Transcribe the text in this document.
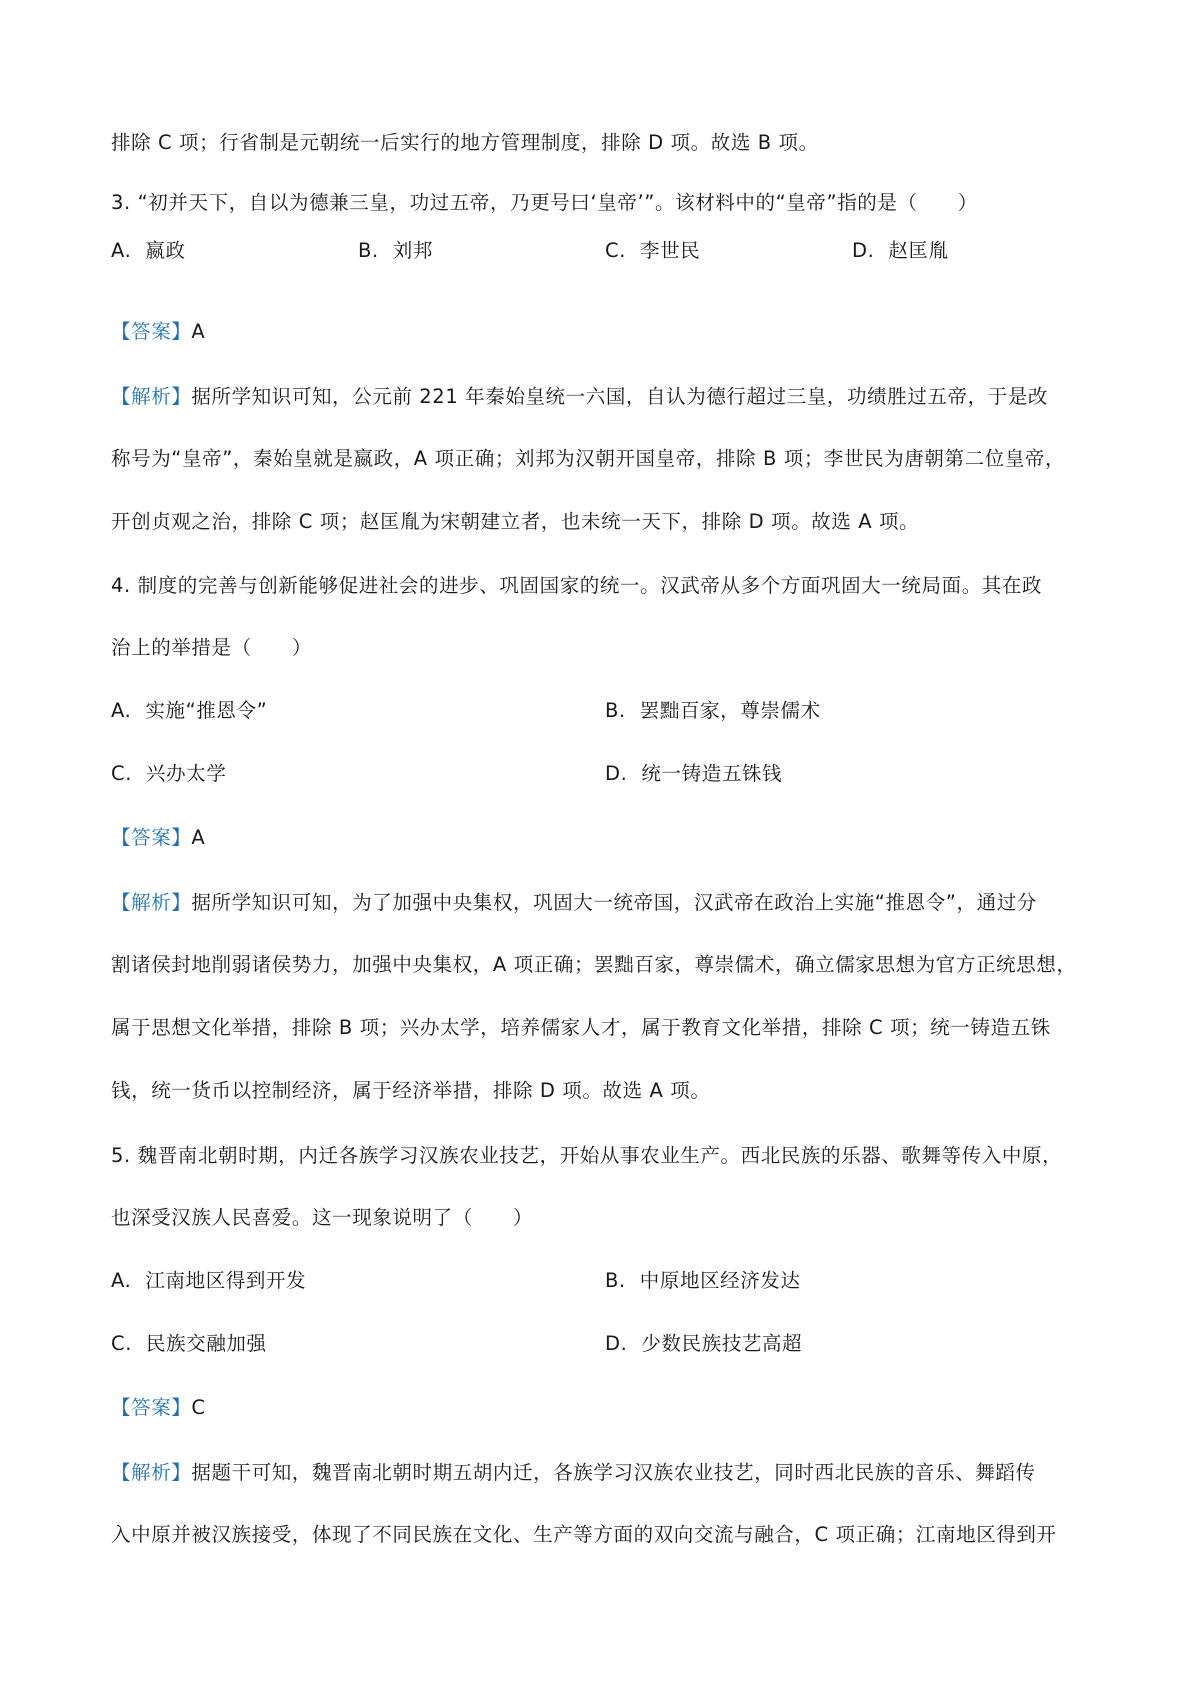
排除 C 项；行省制是元朝统一后实行的地方管理制度，排除 D 项。故选 B 项。
3. “初并天下，自以为德兼三皇，功过五帝，乃更号曰‘皇帝’”。该材料中的“皇帝”指的是（　　）
A. 嬴政	B. 刘邦	C. 李世民	D. 赵匡胤
【答案】A
【解析】据所学知识可知，公元前 221 年秦始皇统一六国，自认为德行超过三皇，功绩胜过五帝，于是改
称号为“皇帝”，秦始皇就是嬴政，A 项正确；刘邦为汉朝开国皇帝，排除 B 项；李世民为唐朝第二位皇帝，
开创贞观之治，排除 C 项；赵匡胤为宋朝建立者，也未统一天下，排除 D 项。故选 A 项。
4. 制度的完善与创新能够促进社会的进步、巩固国家的统一。汉武帝从多个方面巩固大一统局面。其在政
治上的举措是（　　）
A. 实施“推恩令”	B. 罢黜百家，尊崇儒术
C. 兴办太学	D. 统一铸造五铢钱
【答案】A
【解析】据所学知识可知，为了加强中央集权，巩固大一统帝国，汉武帝在政治上实施“推恩令”，通过分
割诸侯封地削弱诸侯势力，加强中央集权，A 项正确；罢黜百家，尊崇儒术，确立儒家思想为官方正统思想，
属于思想文化举措，排除 B 项；兴办太学，培养儒家人才，属于教育文化举措，排除 C 项；统一铸造五铢
钱，统一货币以控制经济，属于经济举措，排除 D 项。故选 A 项。
5. 魏晋南北朝时期，内迁各族学习汉族农业技艺，开始从事农业生产。西北民族的乐器、歌舞等传入中原，
也深受汉族人民喜爱。这一现象说明了（　　）
A. 江南地区得到开发	B. 中原地区经济发达
C. 民族交融加强	D. 少数民族技艺高超
【答案】C
【解析】据题干可知，魏晋南北朝时期五胡内迁，各族学习汉族农业技艺，同时西北民族的音乐、舞蹈传
入中原并被汉族接受，体现了不同民族在文化、生产等方面的双向交流与融合，C 项正确；江南地区得到开
